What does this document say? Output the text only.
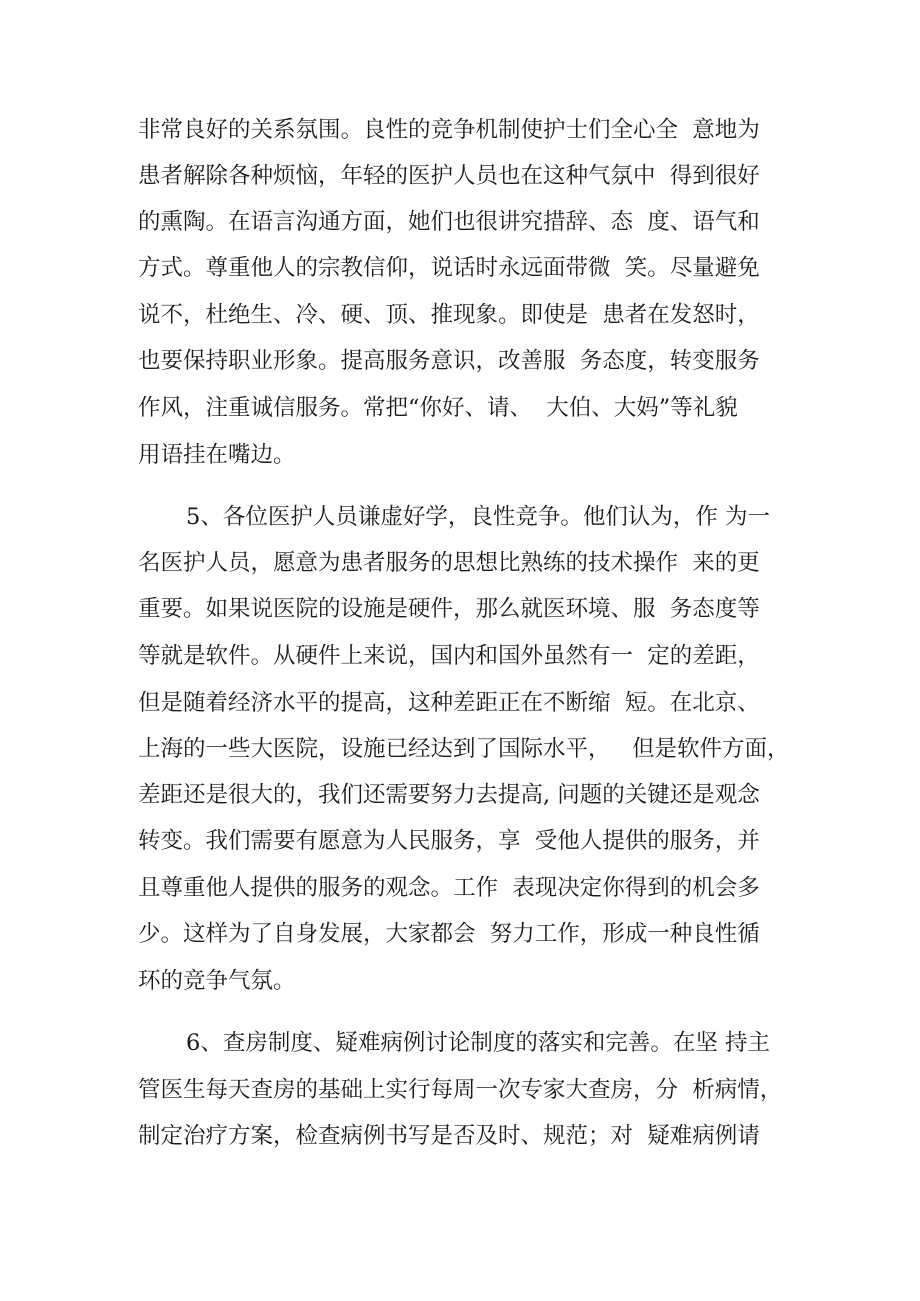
非常良好的关系氛围。良性的竞争机制使护士们全心全  意地为
患者解除各种烦恼，年轻的医护人员也在这种气氛中  得到很好
的熏陶。在语言沟通方面，她们也很讲究措辞、态  度、语气和
方式。尊重他人的宗教信仰，说话时永远面带微  笑。尽量避免
说不，杜绝生、冷、硬、顶、推现象。即使是  患者在发怒时，
也要保持职业形象。提高服务意识，改善服  务态度，转变服务
作风，注重诚信服务。常把“你好、请、  大伯、大妈”等礼貌
用语挂在嘴边。
5、各位医护人员谦虚好学，良性竞争。他们认为，作 为一
名医护人员，愿意为患者服务的思想比熟练的技术操作  来的更
重要。如果说医院的设施是硬件，那么就医环境、服  务态度等
等就是软件。从硬件上来说，国内和国外虽然有一  定的差距，
但是随着经济水平的提高，这种差距正在不断缩  短。在北京、
上海的一些大医院，设施已经达到了国际水平，   但是软件方面，
差距还是很大的，我们还需要努力去提高, 问题的关键还是观念
转变。我们需要有愿意为人民服务，享  受他人提供的服务，并
且尊重他人提供的服务的观念。工作  表现决定你得到的机会多
少。这样为了自身发展，大家都会  努力工作，形成一种良性循
环的竞争气氛。
6、查房制度、疑难病例讨论制度的落实和完善。在坚 持主
管医生每天查房的基础上实行每周一次专家大查房，分  析病情，
制定治疗方案，检查病例书写是否及时、规范；对  疑难病例请
